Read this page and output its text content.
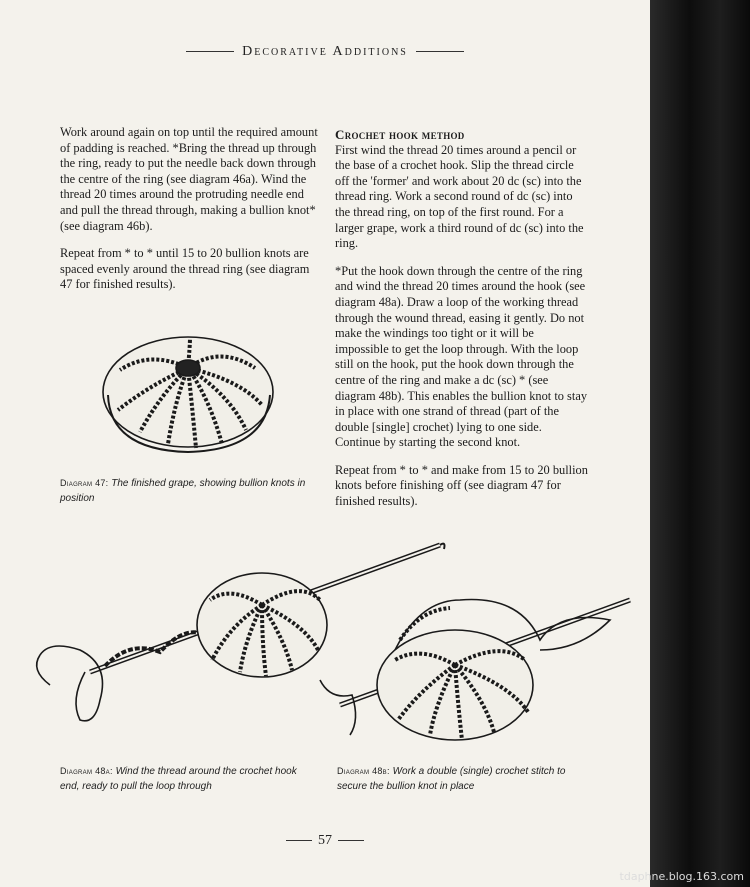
Decorative Additions

Work around again on top until the required amount of padding is reached. *Bring the thread up through the ring, ready to put the needle back down through the centre of the ring (see diagram 46a). Wind the thread 20 times around the protruding needle end and pull the thread through, making a bullion knot* (see diagram 46b).

Repeat from * to * until 15 to 20 bullion knots are spaced evenly around the thread ring (see diagram 47 for finished results).

Crochet hook method

First wind the thread 20 times around a pencil or the base of a crochet hook. Slip the thread circle off the 'former' and work about 20 dc (sc) into the thread ring. Work a second round of dc (sc) into the thread ring, on top of the first round. For a larger grape, work a third round of dc (sc) into the ring.

*Put the hook down through the centre of the ring and wind the thread 20 times around the hook (see diagram 48a). Draw a loop of the working thread through the wound thread, easing it gently. Do not make the windings too tight or it will be impossible to get the loop through. With the loop still on the hook, put the hook down through the centre of the ring and make a dc (sc) * (see diagram 48b). This enables the bullion knot to stay in place with one strand of thread (part of the double [single] crochet) lying to one side. Continue by starting the second knot.

Repeat from * to * and make from 15 to 20 bullion knots before finishing off (see diagram 47 for finished results).

Diagram 47: The finished grape, showing bullion knots in position
Diagram 48a: Wind the thread around the crochet hook end, ready to pull the loop through
Diagram 48b: Work a double (single) crochet stitch to secure the bullion knot in place
57
tdaphne.blog.163.com
